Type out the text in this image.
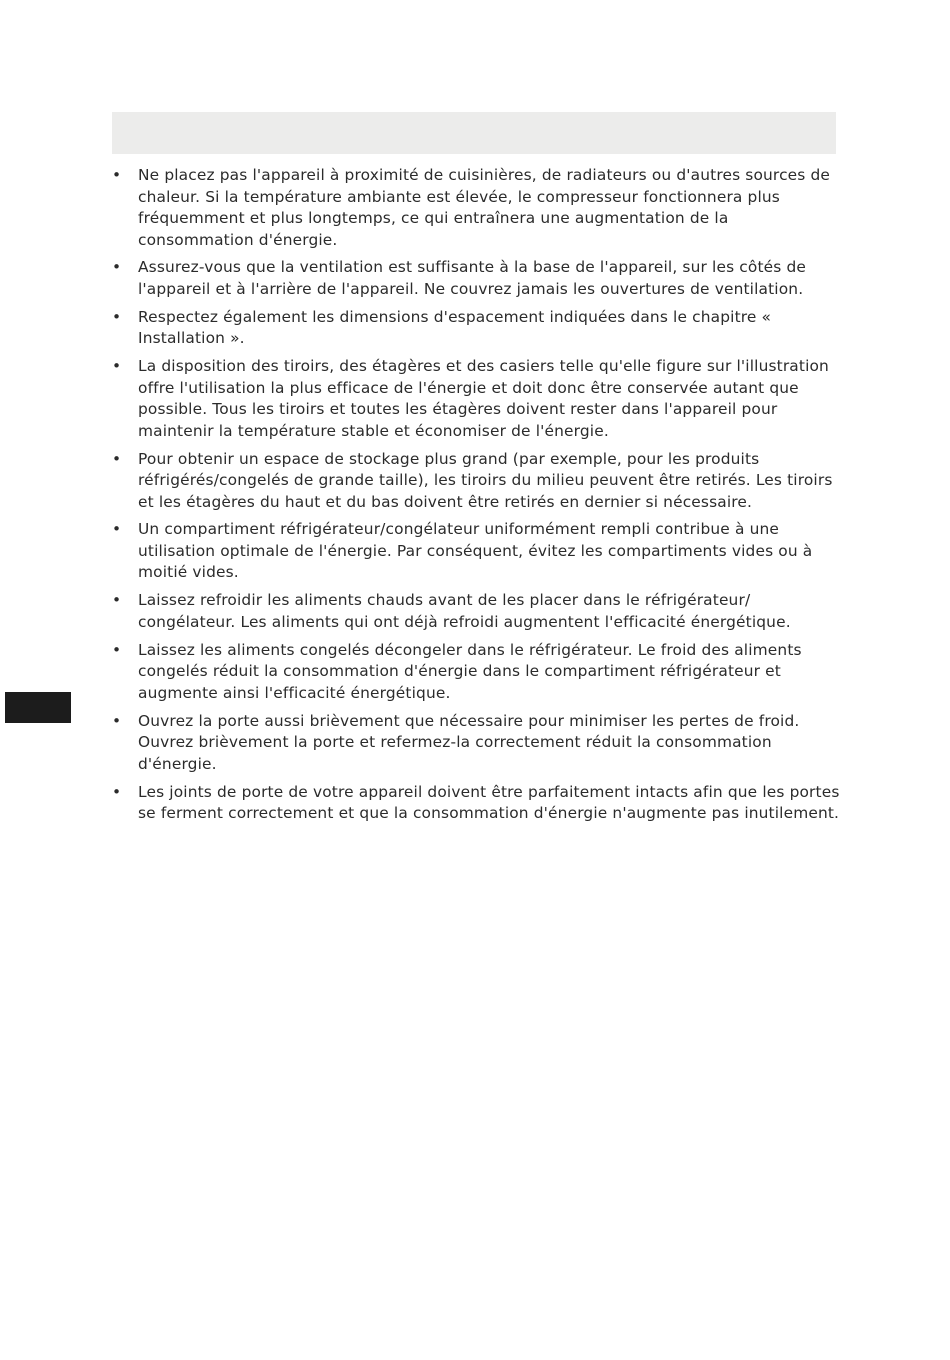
•	Ne placez pas l'appareil à proximité de cuisinières, de radiateurs ou d'autres sources de chaleur. Si la température ambiante est élevée, le compresseur fonctionnera plus fréquemment et plus longtemps, ce qui entraînera une augmentation de la consommation d'énergie.
•	Assurez-vous que la ventilation est suffisante à la base de l'appareil, sur les côtés de l'appareil et à l'arrière de l'appareil. Ne couvrez jamais les ouvertures de ventilation.
•	Respectez également les dimensions d'espacement indiquées dans le chapitre « Installation ».
•	La disposition des tiroirs, des étagères et des casiers telle qu'elle figure sur l'illustration offre l'utilisation la plus efficace de l'énergie et doit donc être conservée autant que possible. Tous les tiroirs et toutes les étagères doivent rester dans l'appareil pour maintenir la température stable et économiser de l'énergie.
•	Pour obtenir un espace de stockage plus grand (par exemple, pour les produits réfrigérés/congelés de grande taille), les tiroirs du milieu peuvent être retirés. Les tiroirs et les étagères du haut et du bas doivent être retirés en dernier si nécessaire.
•	Un compartiment réfrigérateur/congélateur uniformément rempli contribue à une utilisation optimale de l'énergie. Par conséquent, évitez les compartiments vides ou à moitié vides.
•	Laissez refroidir les aliments chauds avant de les placer dans le réfrigérateur/ congélateur. Les aliments qui ont déjà refroidi augmentent l'efficacité énergétique.
•	Laissez les aliments congelés décongeler dans le réfrigérateur. Le froid des aliments congelés réduit la consommation d'énergie dans le compartiment réfrigérateur et augmente ainsi l'efficacité énergétique.
•	Ouvrez la porte aussi brièvement que nécessaire pour minimiser les pertes de froid. Ouvrez brièvement la porte et refermez-la correctement réduit la consommation d'énergie.
•	Les joints de porte de votre appareil doivent être parfaitement intacts afin que les portes se ferment correctement et que la consommation d'énergie n'augmente pas inutilement.
